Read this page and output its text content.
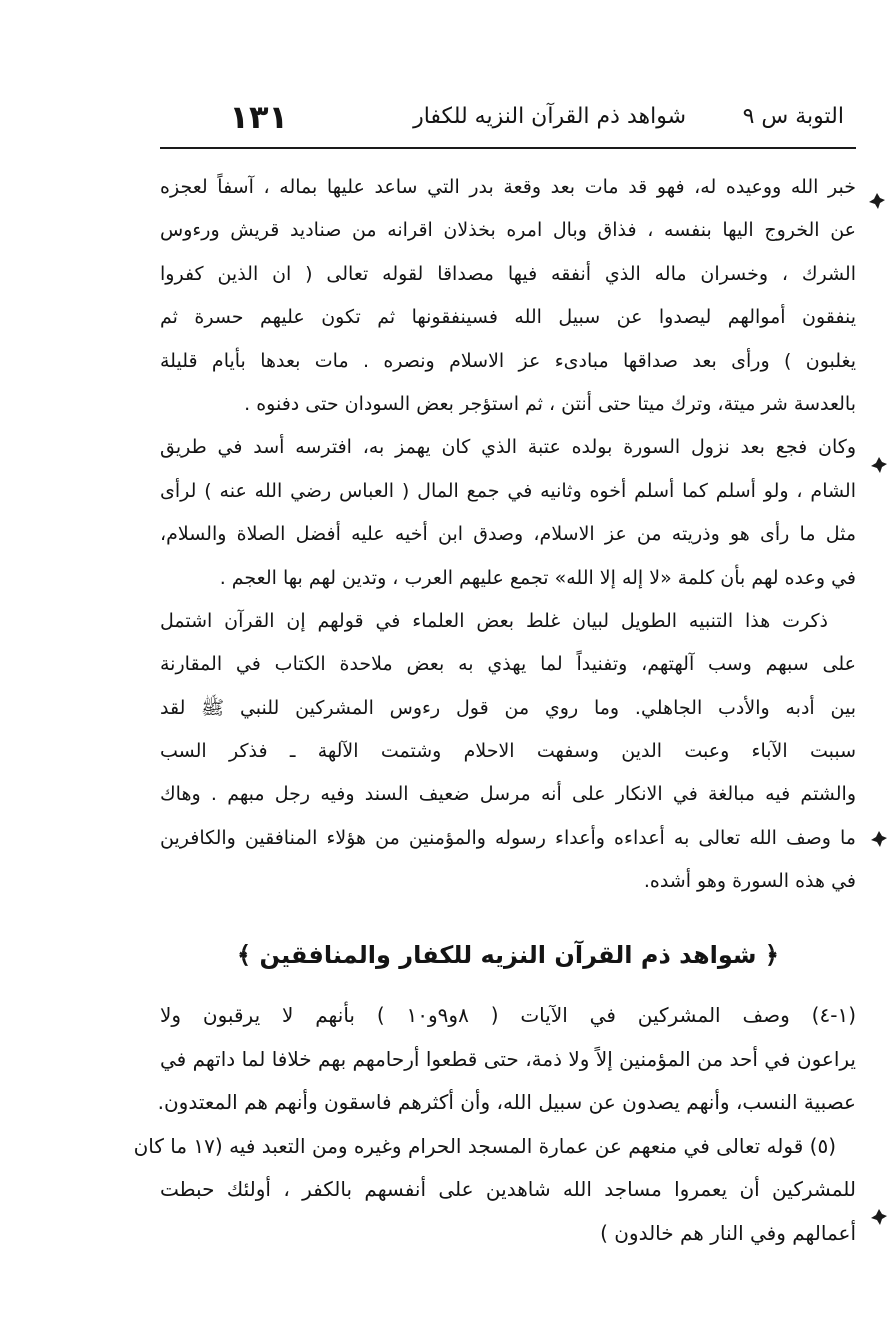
التوبة س ٩
شواهد ذم القرآن النزيه للكفار
١٣١
خبر الله ووعيده له، فهو قد مات بعد وقعة بدر التي ساعد عليها بماله ، آسفاً لعجزه
عن الخروج اليها بنفسه ، فذاق وبال امره بخذلان اقرانه من صناديد قريش ورءوس
الشرك ، وخسران ماله الذي أنفقه فيها مصداقا لقوله تعالى ( ان الذين كفروا
ينفقون أموالهم ليصدوا عن سبيل الله فسينفقونها ثم تكون عليهم حسرة ثم
يغلبون ) ورأى بعد صداقها مبادىء عز الاسلام ونصره . مات بعدها بأيام قليلة
بالعدسة شر ميتة، وترك ميتا حتى أنتن ، ثم استؤجر بعض السودان حتى دفنوه .
وكان فجع بعد نزول السورة بولده عتبة الذي كان يهمز به، افترسه أسد في طريق
الشام ، ولو أسلم كما أسلم أخوه وثانيه في جمع المال ( العباس رضي الله عنه ) لرأى
مثل ما رأى هو وذريته من عز الاسلام، وصدق ابن أخيه عليه أفضل الصلاة والسلام،
في وعده لهم بأن كلمة «لا إله إلا الله» تجمع عليهم العرب ، وتدين لهم بها العجم .
ذكرت هذا التنبيه الطويل لبيان غلط بعض العلماء في قولهم إن القرآن اشتمل
على سبهم وسب آلهتهم، وتفنيداً لما يهذي به بعض ملاحدة الكتاب في المقارنة
بين أدبه والأدب الجاهلي. وما روي من قول رءوس المشركين للنبي ﷺ لقد
سببت الآباء وعبت الدين وسفهت الاحلام وشتمت الآلهة ـ فذكر السب
والشتم فيه مبالغة في الانكار على أنه مرسل ضعيف السند وفيه رجل مبهم . وهاك
ما وصف الله تعالى به أعداءه وأعداء رسوله والمؤمنين من هؤلاء المنافقين والكافرين
في هذه السورة وهو أشده.
﴿ شواهد ذم القرآن النزيه للكفار والمنافقين ﴾
(١-٤) وصف المشركين في الآيات ( ٨و٩و١٠ ) بأنهم لا يرقبون ولا
يراعون في أحد من المؤمنين إلاً ولا ذمة، حتى قطعوا أرحامهم بهم خلافا لما داتهم في
عصبية النسب، وأنهم يصدون عن سبيل الله، وأن أكثرهم فاسقون وأنهم هم المعتدون.
(٥) قوله تعالى في منعهم عن عمارة المسجد الحرام وغيره ومن التعبد فيه (١٧ ما كان
للمشركين أن يعمروا مساجد الله شاهدين على أنفسهم بالكفر ، أولئك حبطت
أعمالهم وفي النار هم خالدون )
